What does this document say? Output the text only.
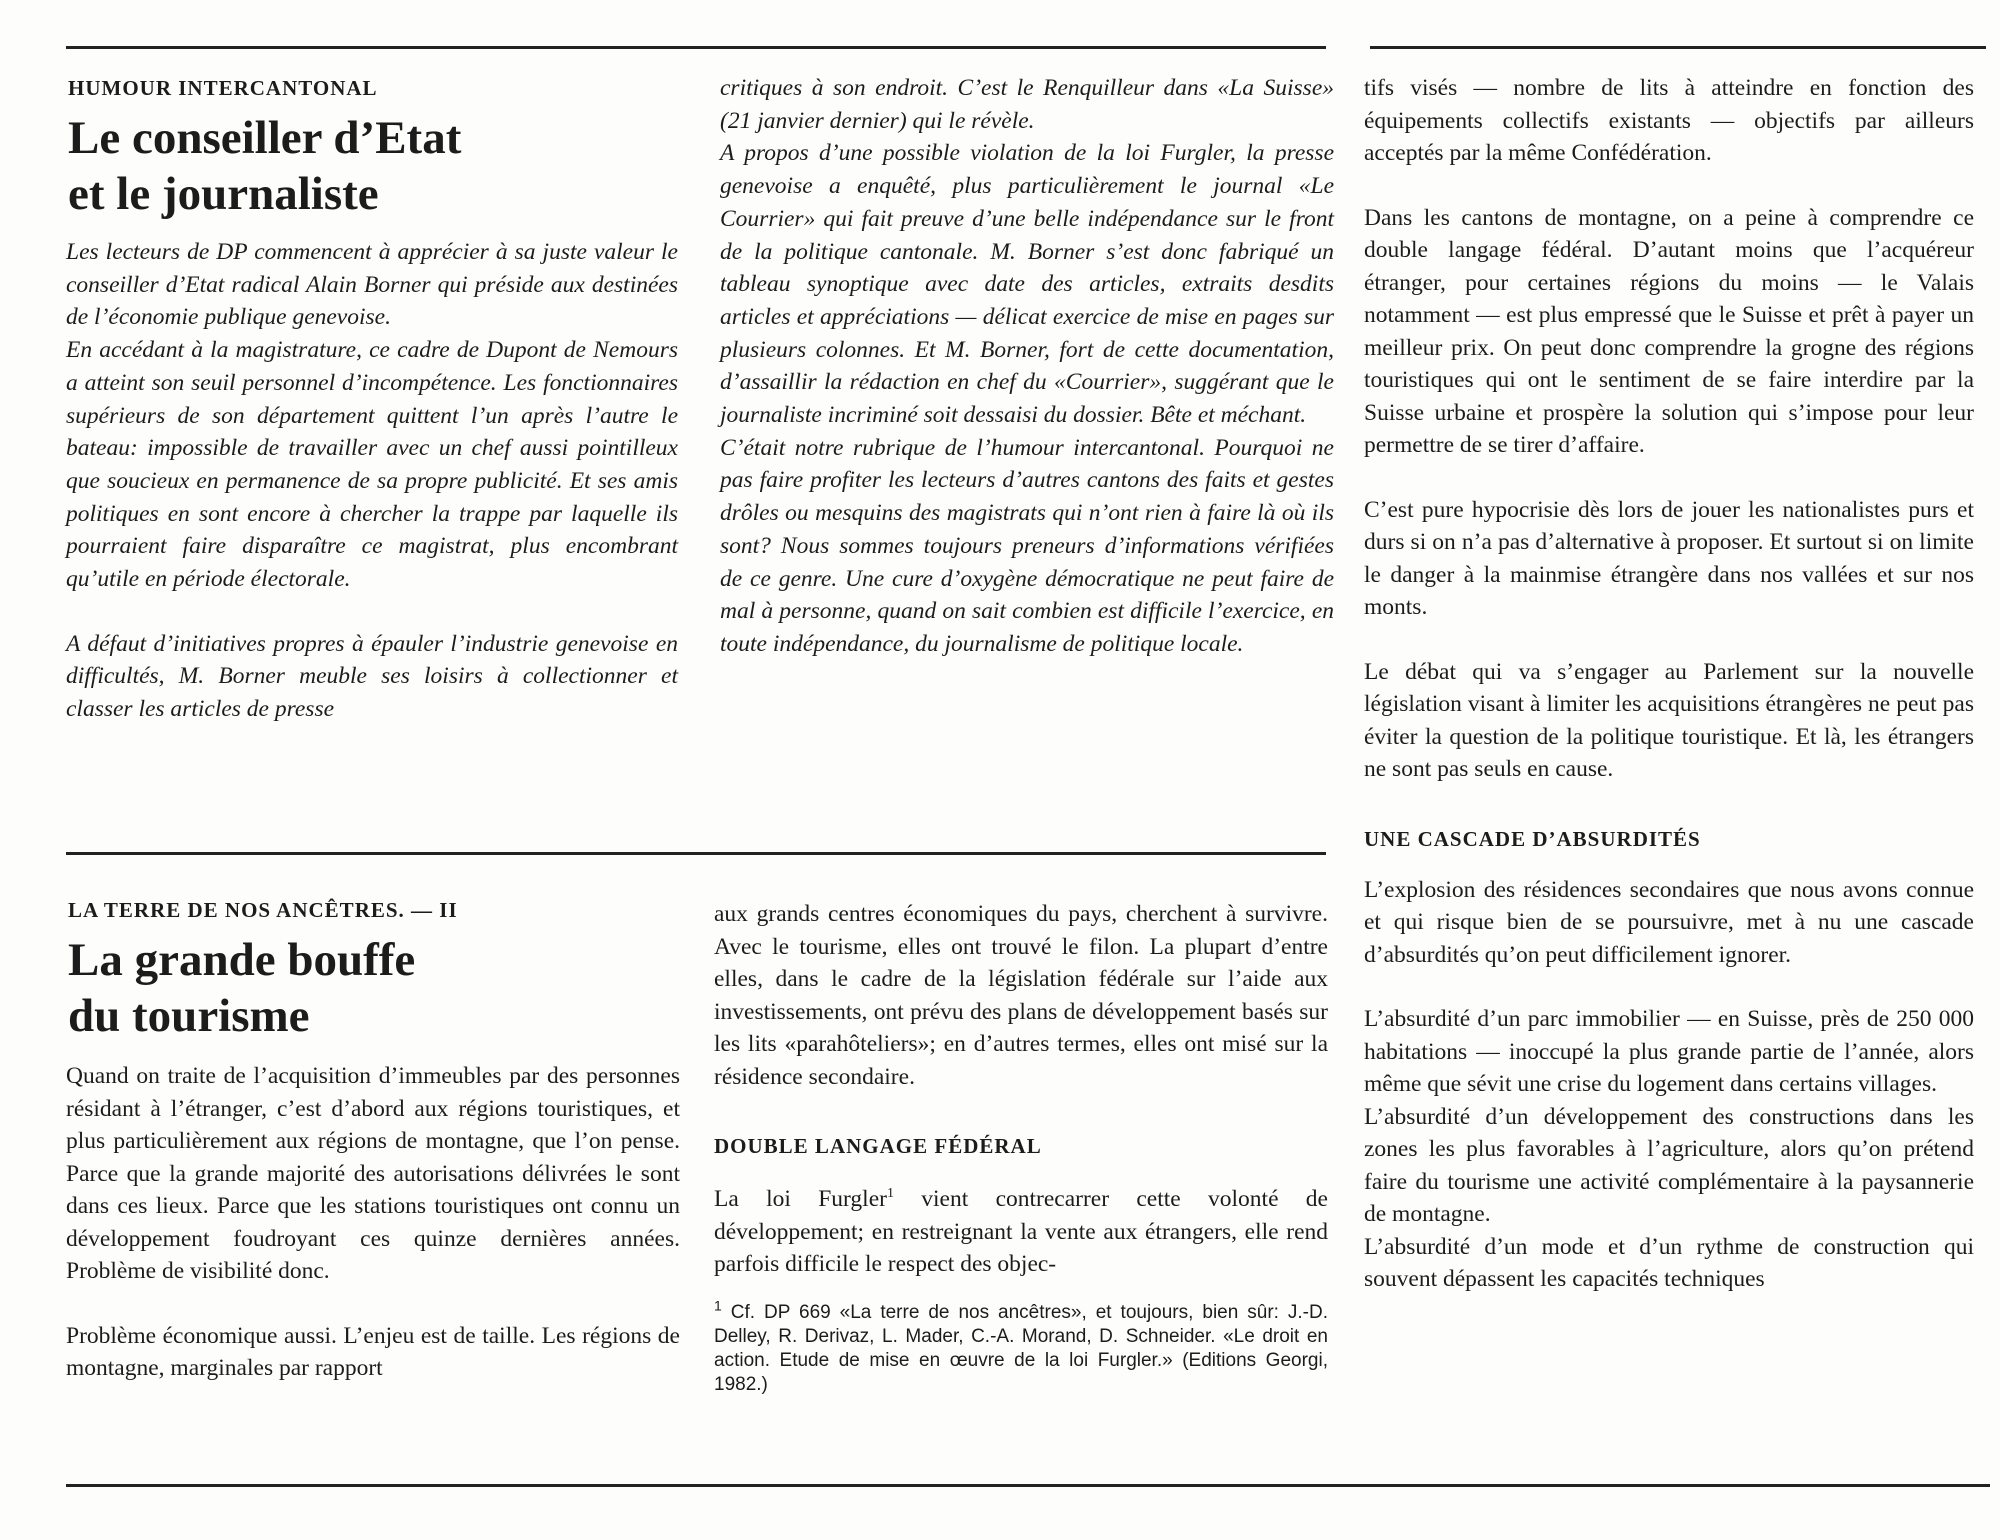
HUMOUR INTERCANTONAL
Le conseiller d’Etat
et le journaliste

Les lecteurs de DP commencent à apprécier à sa juste valeur le conseiller d’Etat radical Alain Borner qui préside aux destinées de l’économie publique genevoise.

En accédant à la magistrature, ce cadre de Dupont de Nemours a atteint son seuil personnel d’incompétence. Les fonctionnaires supérieurs de son département quittent l’un après l’autre le bateau: impossible de travailler avec un chef aussi pointilleux que soucieux en permanence de sa propre publicité. Et ses amis politiques en sont encore à chercher la trappe par laquelle ils pourraient faire disparaître ce magistrat, plus encombrant qu’utile en période électorale.

A défaut d’initiatives propres à épauler l’industrie genevoise en difficultés, M. Borner meuble ses loisirs à collectionner et classer les articles de presse

critiques à son endroit. C’est le Renquilleur dans «La Suisse» (21 janvier dernier) qui le révèle.

A propos d’une possible violation de la loi Furgler, la presse genevoise a enquêté, plus particulièrement le journal «Le Courrier» qui fait preuve d’une belle indépendance sur le front de la politique cantonale. M. Borner s’est donc fabriqué un tableau synoptique avec date des articles, extraits desdits articles et appréciations — délicat exercice de mise en pages sur plusieurs colonnes. Et M. Borner, fort de cette documentation, d’assaillir la rédaction en chef du «Courrier», suggérant que le journaliste incriminé soit dessaisi du dossier. Bête et méchant.

C’était notre rubrique de l’humour intercantonal. Pourquoi ne pas faire profiter les lecteurs d’autres cantons des faits et gestes drôles ou mesquins des magistrats qui n’ont rien à faire là où ils sont? Nous sommes toujours preneurs d’informations vérifiées de ce genre. Une cure d’oxygène démocratique ne peut faire de mal à personne, quand on sait combien est difficile l’exercice, en toute indépendance, du journalisme de politique locale.

LA TERRE DE NOS ANCÊTRES. — II
La grande bouffe
du tourisme

Quand on traite de l’acquisition d’immeubles par des personnes résidant à l’étranger, c’est d’abord aux régions touristiques, et plus particulièrement aux régions de montagne, que l’on pense. Parce que la grande majorité des autorisations délivrées le sont dans ces lieux. Parce que les stations touristiques ont connu un développement foudroyant ces quinze dernières années. Problème de visibilité donc.

Problème économique aussi. L’enjeu est de taille. Les régions de montagne, marginales par rapport

aux grands centres économiques du pays, cherchent à survivre. Avec le tourisme, elles ont trouvé le filon. La plupart d’entre elles, dans le cadre de la législation fédérale sur l’aide aux investissements, ont prévu des plans de développement basés sur les lits «parahôteliers»; en d’autres termes, elles ont misé sur la résidence secondaire.

DOUBLE LANGAGE FÉDÉRAL

La loi Furgler$^1$ vient contrecarrer cette volonté de développement; en restreignant la vente aux étrangers, elle rend parfois difficile le respect des objec-

$^1$ Cf. DP 669 «La terre de nos ancêtres», et toujours, bien sûr: J.-D. Delley, R. Derivaz, L. Mader, C.-A. Morand, D. Schneider. «Le droit en action. Etude de mise en œuvre de la loi Furgler.» (Editions Georgi, 1982.)

tifs visés — nombre de lits à atteindre en fonction des équipements collectifs existants — objectifs par ailleurs acceptés par la même Confédération.

Dans les cantons de montagne, on a peine à comprendre ce double langage fédéral. D’autant moins que l’acquéreur étranger, pour certaines régions du moins — le Valais notamment — est plus empressé que le Suisse et prêt à payer un meilleur prix. On peut donc comprendre la grogne des régions touristiques qui ont le sentiment de se faire interdire par la Suisse urbaine et prospère la solution qui s’impose pour leur permettre de se tirer d’affaire.

C’est pure hypocrisie dès lors de jouer les nationalistes purs et durs si on n’a pas d’alternative à proposer. Et surtout si on limite le danger à la mainmise étrangère dans nos vallées et sur nos monts.

Le débat qui va s’engager au Parlement sur la nouvelle législation visant à limiter les acquisitions étrangères ne peut pas éviter la question de la politique touristique. Et là, les étrangers ne sont pas seuls en cause.

UNE CASCADE D’ABSURDITÉS

L’explosion des résidences secondaires que nous avons connue et qui risque bien de se poursuivre, met à nu une cascade d’absurdités qu’on peut difficilement ignorer.

L’absurdité d’un parc immobilier — en Suisse, près de 250 000 habitations — inoccupé la plus grande partie de l’année, alors même que sévit une crise du logement dans certains villages.

L’absurdité d’un développement des constructions dans les zones les plus favorables à l’agriculture, alors qu’on prétend faire du tourisme une activité complémentaire à la paysannerie de montagne.

L’absurdité d’un mode et d’un rythme de construction qui souvent dépassent les capacités techniques
